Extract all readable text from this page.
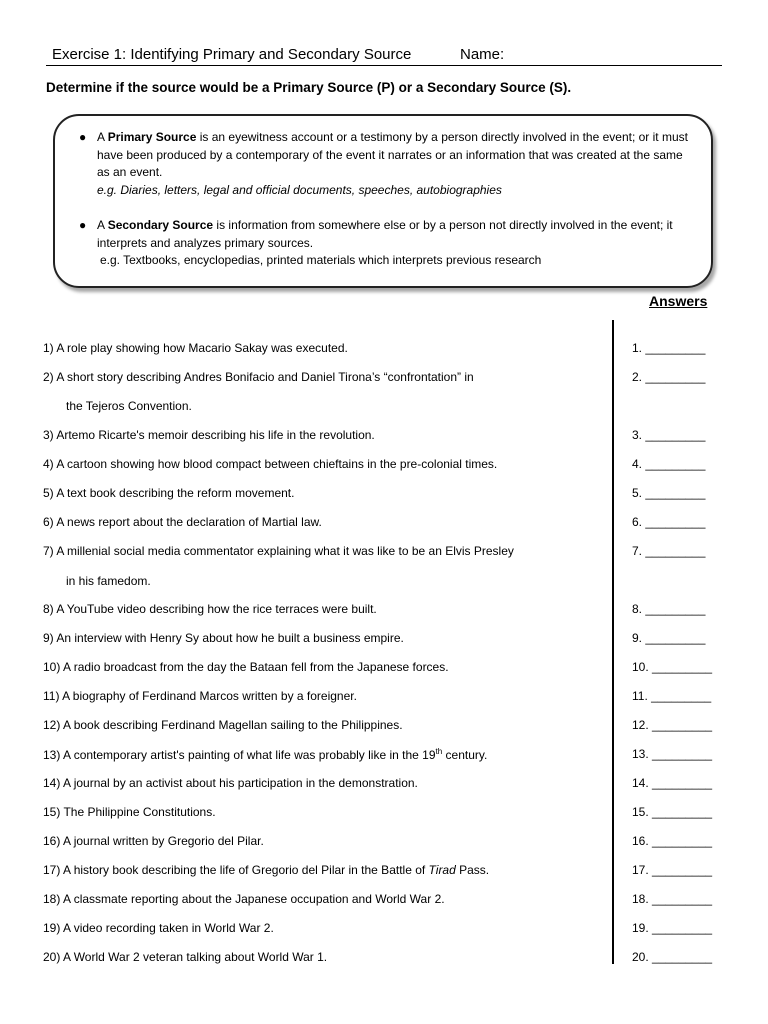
Exercise 1: Identifying Primary and Secondary Source	Name:
Determine if the source would be a Primary Source (P) or a Secondary Source (S).
● A Primary Source is an eyewitness account or a testimony by a person directly involved in the event; or it must have been produced by a contemporary of the event it narrates or an information that was created at the same as an event.
e.g. Diaries, letters, legal and official documents, speeches, autobiographies
● A Secondary Source is information from somewhere else or by a person not directly involved in the event; it interprets and analyzes primary sources.
e.g. Textbooks, encyclopedias, printed materials which interprets previous research
Answers
1) A role play showing how Macario Sakay was executed.	1. _________
2) A short story describing Andres Bonifacio and Daniel Tirona’s “confrontation” in
the Tejeros Convention.
2. _________
3) Artemo Ricarte's memoir describing his life in the revolution.	3. _________
4) A cartoon showing how blood compact between chieftains in the pre-colonial times.	4. _________
5) A text book describing the reform movement.	5. _________
6) A news report about the declaration of Martial law.	6. _________
7) A millenial social media commentator explaining what it was like to be an Elvis Presley
in his famedom.
7. _________
8) A YouTube video describing how the rice terraces were built.	8. _________
9) An interview with Henry Sy about how he built a business empire.	9. _________
10) A radio broadcast from the day the Bataan fell from the Japanese forces.	10. _________
11) A biography of Ferdinand Marcos written by a foreigner.	11. _________
12) A book describing Ferdinand Magellan sailing to the Philippines.	12. _________
13) A contemporary artist's painting of what life was probably like in the 19th century.	13. _________
14) A journal by an activist about his participation in the demonstration.	14. _________
15) The Philippine Constitutions.	15. _________
16) A journal written by Gregorio del Pilar.	16. _________
17) A history book describing the life of Gregorio del Pilar in the Battle of Tirad Pass.	17. _________
18) A classmate reporting about the Japanese occupation and World War 2.	18. _________
19) A video recording taken in World War 2.	19. _________
20) A World War 2 veteran talking about World War 1.	20. _________
